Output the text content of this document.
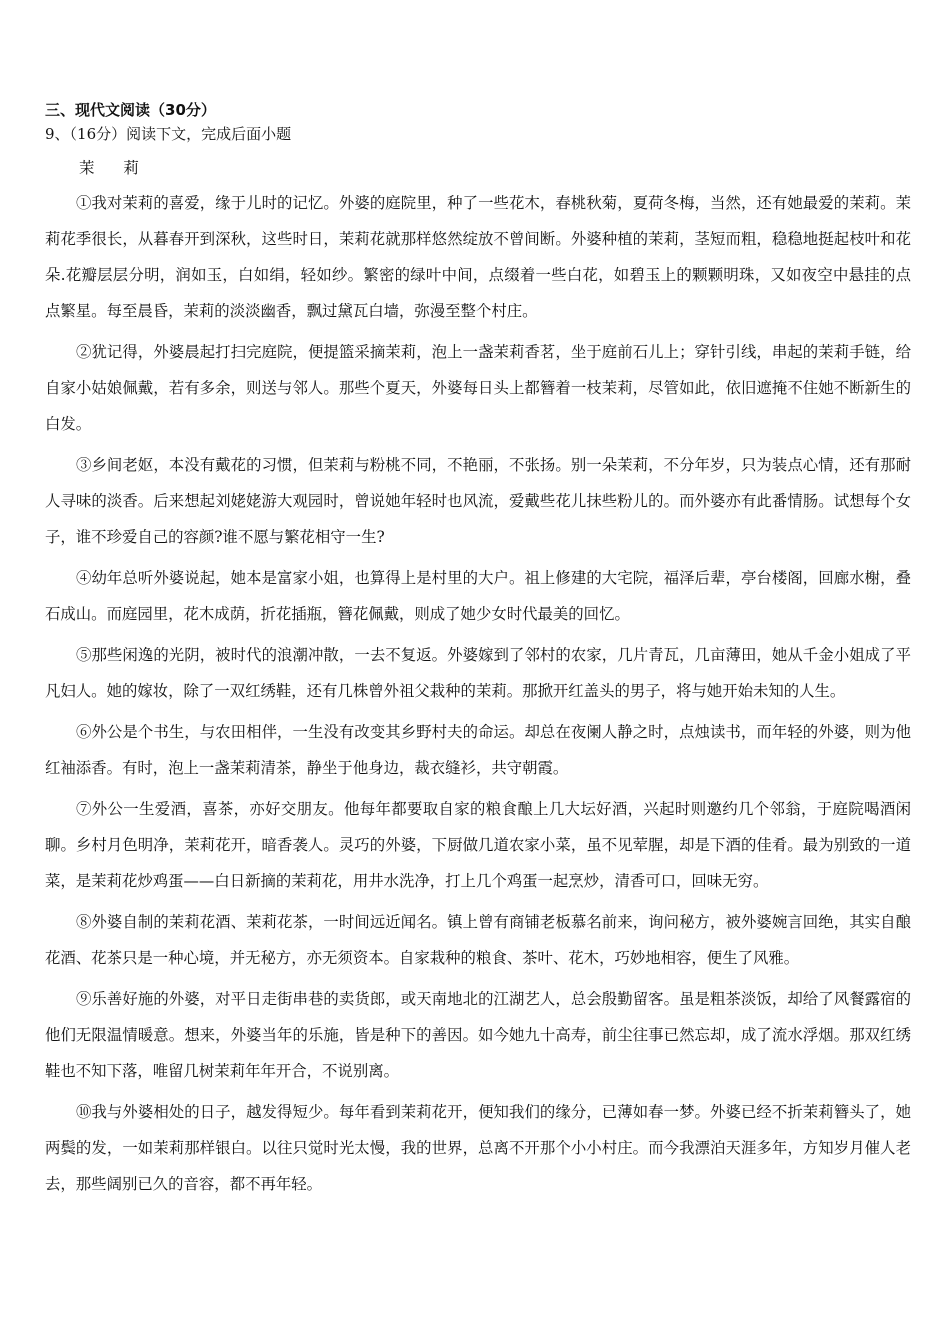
三、现代文阅读（30分）
9、（16分）阅读下文，完成后面小题
茉 莉

①我对茉莉的喜爱，缘于儿时的记忆。外婆的庭院里，种了一些花木，春桃秋菊，夏荷冬梅，当然，还有她最爱的茉莉。茉莉花季很长，从暮春开到深秋，这些时日，茉莉花就那样悠然绽放不曾间断。外婆种植的茉莉，茎短而粗，稳稳地挺起枝叶和花朵.花瓣层层分明，润如玉，白如绢，轻如纱。繁密的绿叶中间，点缀着一些白花，如碧玉上的颗颗明珠，又如夜空中悬挂的点点繁星。每至晨昏，茉莉的淡淡幽香，飘过黛瓦白墙，弥漫至整个村庄。

②犹记得，外婆晨起打扫完庭院，便提篮采摘茉莉，泡上一盏茉莉香茗，坐于庭前石儿上；穿针引线，串起的茉莉手链，给自家小姑娘佩戴，若有多余，则送与邻人。那些个夏天，外婆每日头上都簪着一枝茉莉，尽管如此，依旧遮掩不住她不断新生的白发。

③乡间老妪，本没有戴花的习惯，但茉莉与粉桃不同，不艳丽，不张扬。别一朵茉莉，不分年岁，只为装点心情，还有那耐人寻味的淡香。后来想起刘姥姥游大观园时，曾说她年轻时也风流，爱戴些花儿抹些粉儿的。而外婆亦有此番情肠。试想每个女子，谁不珍爱自己的容颜?谁不愿与繁花相守一生?

④幼年总听外婆说起，她本是富家小姐，也算得上是村里的大户。祖上修建的大宅院，福泽后辈，亭台楼阁，回廊水榭，叠石成山。而庭园里，花木成荫，折花插瓶，簪花佩戴，则成了她少女时代最美的回忆。

⑤那些闲逸的光阴，被时代的浪潮冲散，一去不复返。外婆嫁到了邻村的农家，几片青瓦，几亩薄田，她从千金小姐成了平凡妇人。她的嫁妆，除了一双红绣鞋，还有几株曾外祖父栽种的茉莉。那掀开红盖头的男子，将与她开始未知的人生。

⑥外公是个书生，与农田相伴，一生没有改变其乡野村夫的命运。却总在夜阑人静之时，点烛读书，而年轻的外婆，则为他红袖添香。有时，泡上一盏茉莉清茶，静坐于他身边，裁衣缝衫，共守朝霞。

⑦外公一生爱酒，喜茶，亦好交朋友。他每年都要取自家的粮食酿上几大坛好酒，兴起时则邀约几个邻翁，于庭院喝酒闲聊。乡村月色明净，茉莉花开，暗香袭人。灵巧的外婆，下厨做几道农家小菜，虽不见荤腥，却是下酒的佳肴。最为别致的一道菜，是茉莉花炒鸡蛋——白日新摘的茉莉花，用井水洗净，打上几个鸡蛋一起烹炒，清香可口，回味无穷。

⑧外婆自制的茉莉花酒、茉莉花茶，一时间远近闻名。镇上曾有商铺老板慕名前来，询问秘方，被外婆婉言回绝，其实自酿花酒、花茶只是一种心境，并无秘方，亦无须资本。自家栽种的粮食、茶叶、花木，巧妙地相容，便生了风雅。

⑨乐善好施的外婆，对平日走街串巷的卖货郎，或天南地北的江湖艺人，总会殷勤留客。虽是粗茶淡饭，却给了风餐露宿的他们无限温情暖意。想来，外婆当年的乐施，皆是种下的善因。如今她九十高寿，前尘往事已然忘却，成了流水浮烟。那双红绣鞋也不知下落，唯留几树茉莉年年开合，不说别离。

⑩我与外婆相处的日子，越发得短少。每年看到茉莉花开，便知我们的缘分，已薄如春一梦。外婆已经不折茉莉簪头了，她两鬓的发，一如茉莉那样银白。以往只觉时光太慢，我的世界，总离不开那个小小村庄。而今我漂泊天涯多年，方知岁月催人老去，那些阔别已久的音容，都不再年轻。
